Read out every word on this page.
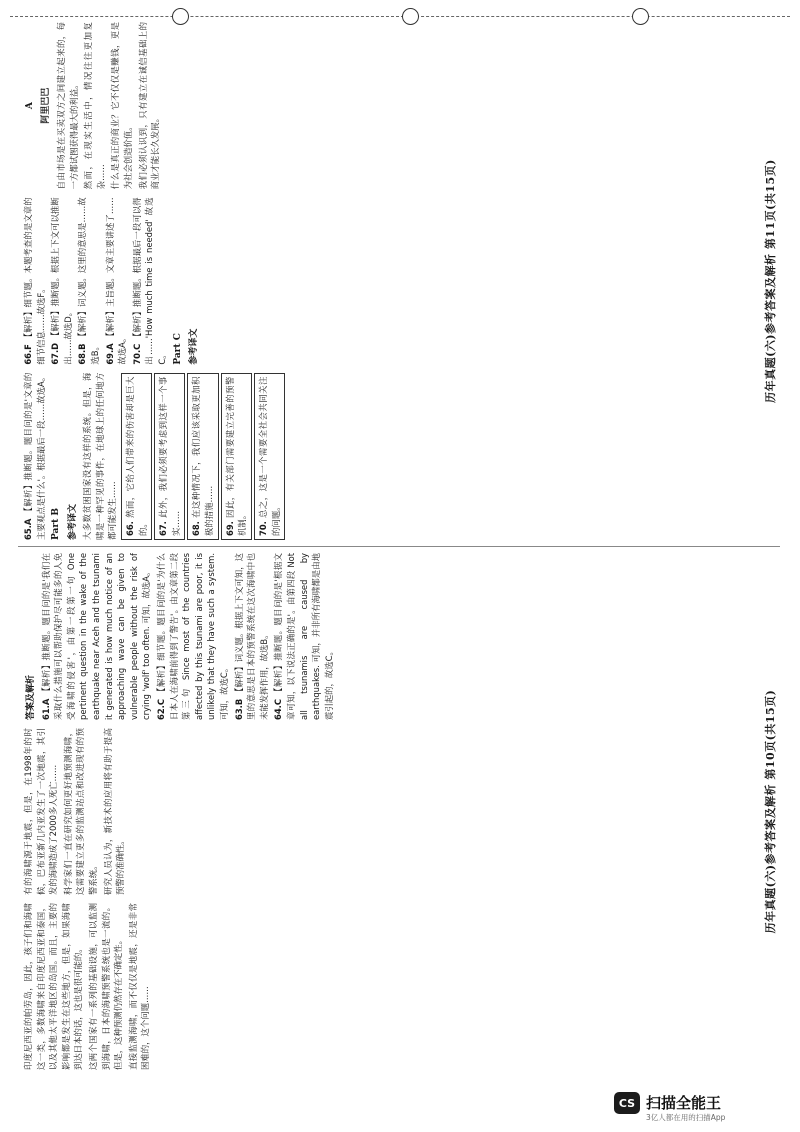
印度尼西亚的帕劳岛，因此，孩子们和海啸这一类，多数海啸来自印度尼西亚和泰国，以及其他太平洋地区的岛国。而且，主要的影响都是发生在这些地方，但是，如果海啸到达日本的话，这也是很可能的。 这两个国家有一系列的基础设施，可以监测到海啸，日本的海啸预警系统也是一流的。但是，这种预测仍然存在不确定性。 直接监测海啸，而不仅仅是地震，还是非常困难的，这个问题……

有的海啸源于地震，但是，在1998年的时候，巴布亚新几内亚发生了一次地震，其引发的海啸造成了2000多人死亡…… 科学家们一直在研究如何更好地预测海啸，这需要建立更多的监测站点和改进现有的预警系统。 研究人员认为，新技术的应用将有助于提高预警的准确性。

答案及解析 61.A 【解析】推断题。题目问的是'我们在采取什么措施可以帮助保护尽可能多的人免受海啸的侵害'，由第一段第一句 One pertinent question in the wake of the earthquake near Aceh and the tsunami it generated is how much notice of an approaching wave can be given to vulnerable people without the risk of crying 'wolf' too often. 可知，故选A。 62.C 【解析】细节题。题目问的是'为什么日本人在海啸前得到了警告'。由文章第二段第三句 Since most of the countries affected by this tsunami are poor, it is unlikely that they have such a system. 可知，故选C。 63.B 【解析】词义题。根据上下文可知，这里的意思是日本的预警系统在这次海啸中也未能发挥作用，故选B。 64.C 【解析】推断题。题目问的是'根据文章可知，以下说法正确的是'。由第四段 Not all tsunamis are caused by earthquakes. 可知，并非所有海啸都是由地震引起的，故选C。

历年真题(六)参考答案及解析 第10页(共15页)

65.A 【解析】推断题。题目问的是'文章的主要观点是什么'。根据最后一段……故选A。 Part B 参考译文 大多数贫困国家没有这样的系统。但是，海啸是一种罕见的事件，在地球上的任何地方都可能发生…… 66. 然而，它给人们带来的伤害却是巨大的。	67. 此外，我们必须要考虑到这样一个事实……	68. 在这种情况下，我们应该采取更加积极的措施……	69. 因此，有关部门需要建立完善的预警机制。	70. 总之，这是一个需要全社会共同关注的问题。

66.F 【解析】细节题。本题考查的是文章的细节信息……故选F。 67.D 【解析】推断题。根据上下文可以推断出……故选D。 68.B 【解析】词义题。这里的意思是……故选B。 69.A 【解析】主旨题。文章主要讲述了……故选A。 70.C 【解析】推断题。根据最后一段可以得出……'How much time is needed' 故选C。 Part C 参考译文
A 阿里巴巴 自由市场是在买卖双方之间建立起来的，每一方都试图获得最大的利益。 然而，在现实生活中，情况往往更加复杂…… 什么是真正的商业？它不仅仅是赚钱，更是为社会创造价值。 我们必须认识到，只有建立在诚信基础上的商业才能长久发展。

历年真题(六)参考答案及解析 第11页(共15页)
CS 扫描全能王
3亿人都在用的扫描App
